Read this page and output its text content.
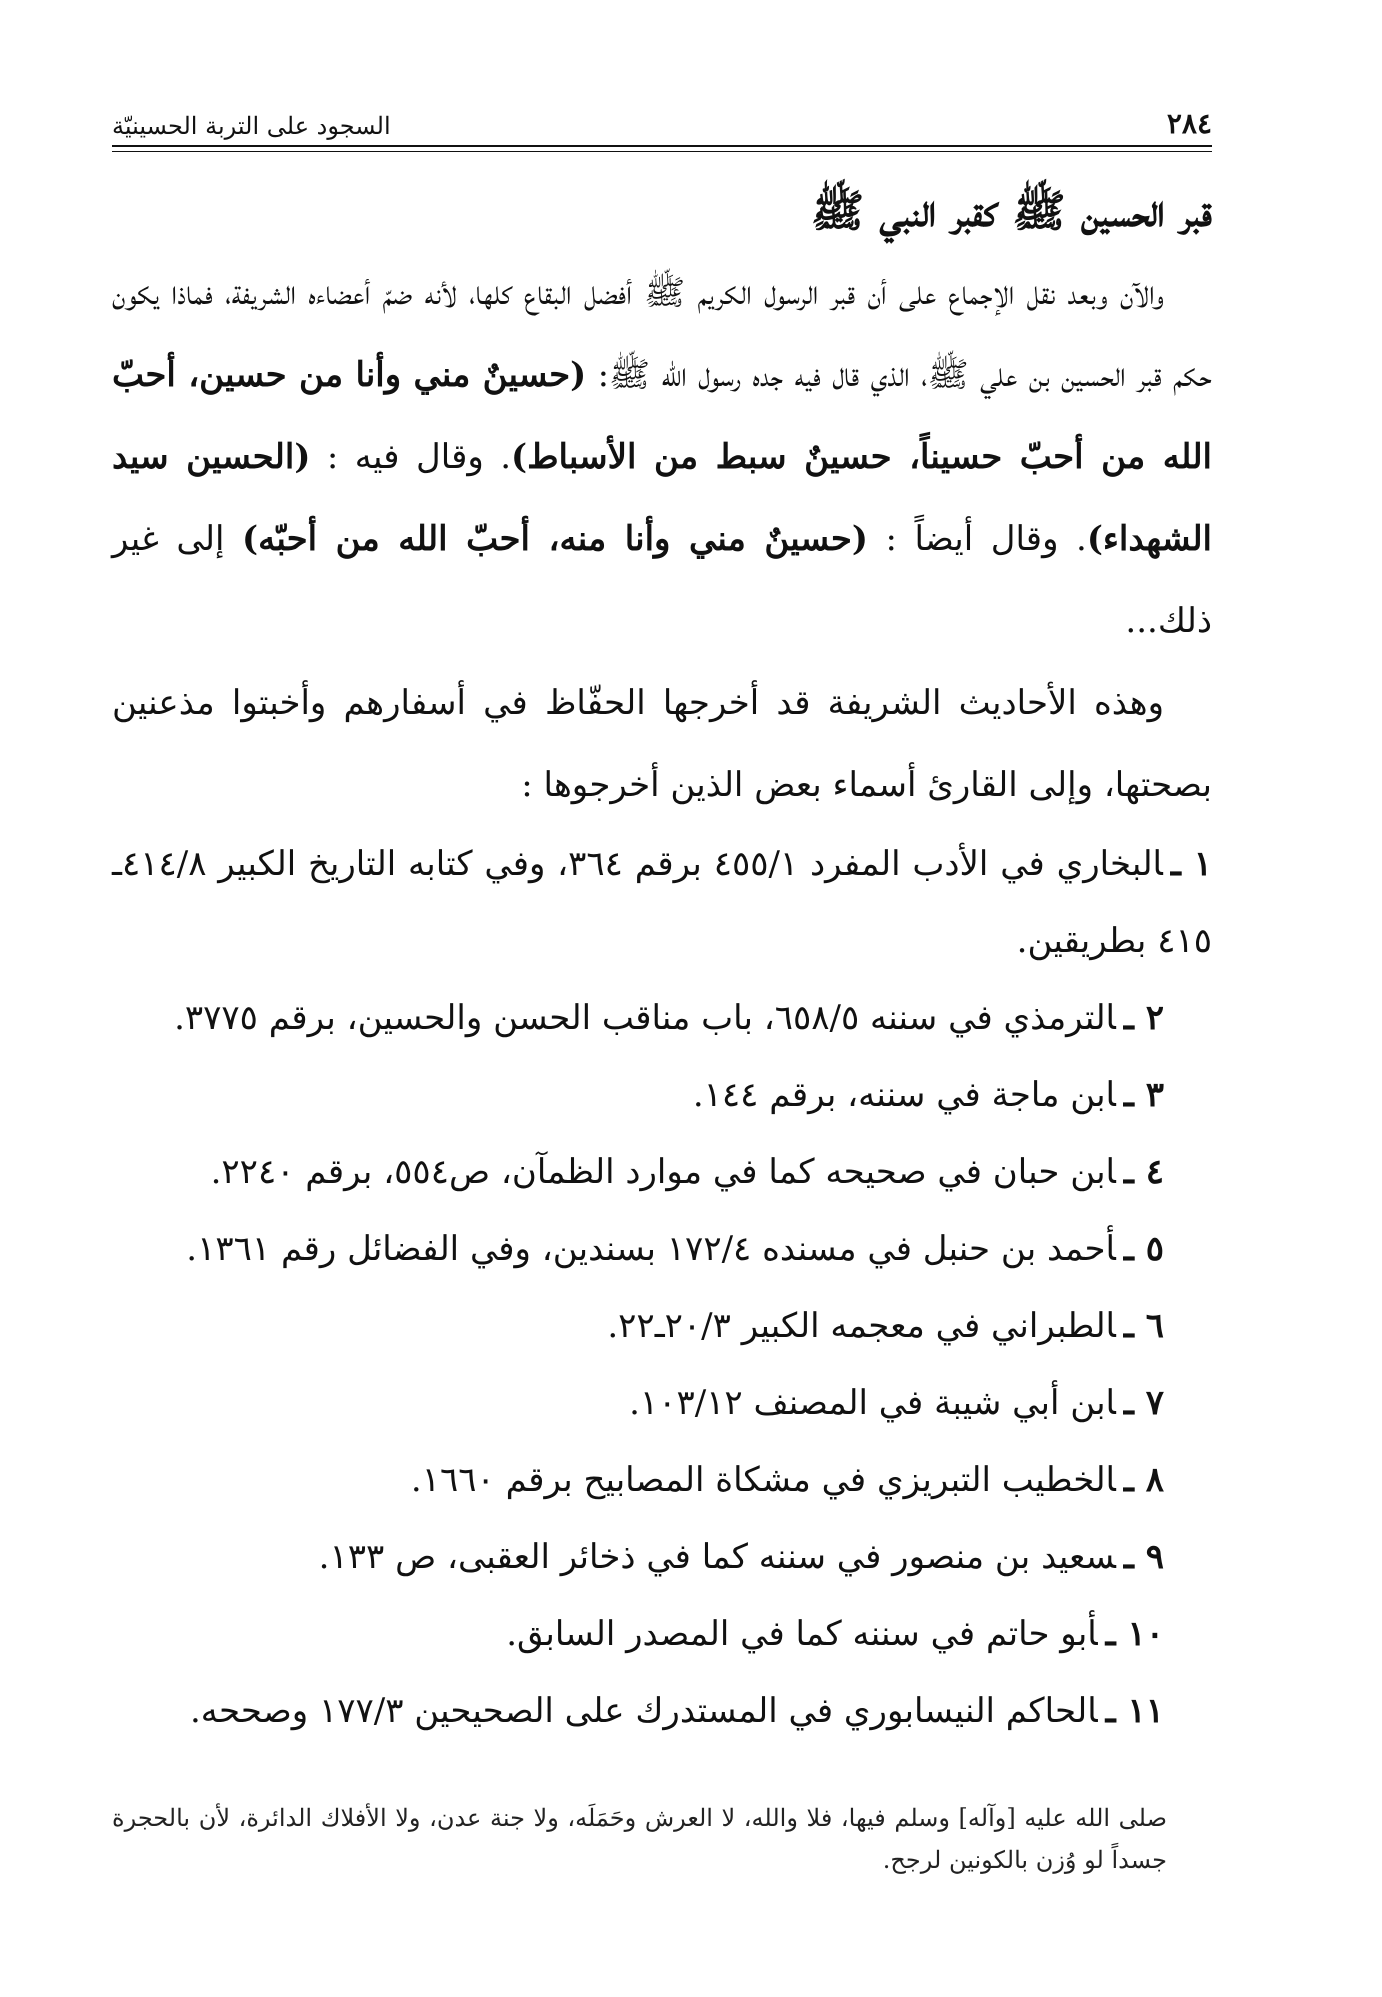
٢٨٤
السجود على التربة الحسينيّة
قبر الحسين ﷺ كقبر النبي ﷺ

والآن وبعد نقل الإجماع على أن قبر الرسول الكريم ﷺ أفضل البقاع كلها، لأنه ضمّ أعضاءه الشريفة، فماذا يكون حكم قبر الحسين بن علي ﷺ، الذي قال فيه جده رسول الله ﷺ: (حسينٌ مني وأنا من حسين، أحبّ الله من أحبّ حسيناً، حسينٌ سبط من الأسباط). وقال فيه : (الحسين سيد الشهداء). وقال أيضاً : (حسينٌ مني وأنا منه، أحبّ الله من أحبّه) إلى غير ذلك...

وهذه الأحاديث الشريفة قد أخرجها الحفّاظ في أسفارهم وأخبتوا مذعنين بصحتها، وإلى القارئ أسماء بعض الذين أخرجوها :

١ ـالبخاري في الأدب المفرد ٤٥٥/١ برقم ٣٦٤، وفي كتابه التاريخ الكبير ٤١٤/٨ـ ٤١٥ بطريقين.
٢ ـالترمذي في سننه ٦٥٨/٥، باب مناقب الحسن والحسين، برقم ٣٧٧٥.
٣ ـابن ماجة في سننه، برقم ١٤٤.
٤ ـابن حبان في صحيحه كما في موارد الظمآن، ص٥٥٤، برقم ٢٢٤٠.
٥ ـأحمد بن حنبل في مسنده ١٧٢/٤ بسندين، وفي الفضائل رقم ١٣٦١.
٦ ـالطبراني في معجمه الكبير ٢٠/٣ـ٢٢.
٧ ـابن أبي شيبة في المصنف ١٠٣/١٢.
٨ ـالخطيب التبريزي في مشكاة المصابيح برقم ١٦٦٠.
٩ ـسعيد بن منصور في سننه كما في ذخائر العقبى، ص ١٣٣.
١٠ ـأبو حاتم في سننه كما في المصدر السابق.
١١ ـالحاكم النيسابوري في المستدرك على الصحيحين ١٧٧/٣ وصححه.

صلى الله عليه [وآله] وسلم فيها، فلا والله، لا العرش وحَمَلَه، ولا جنة عدن، ولا الأفلاك الدائرة، لأن بالحجرة جسداً لو وُزن بالكونين لرجح.
